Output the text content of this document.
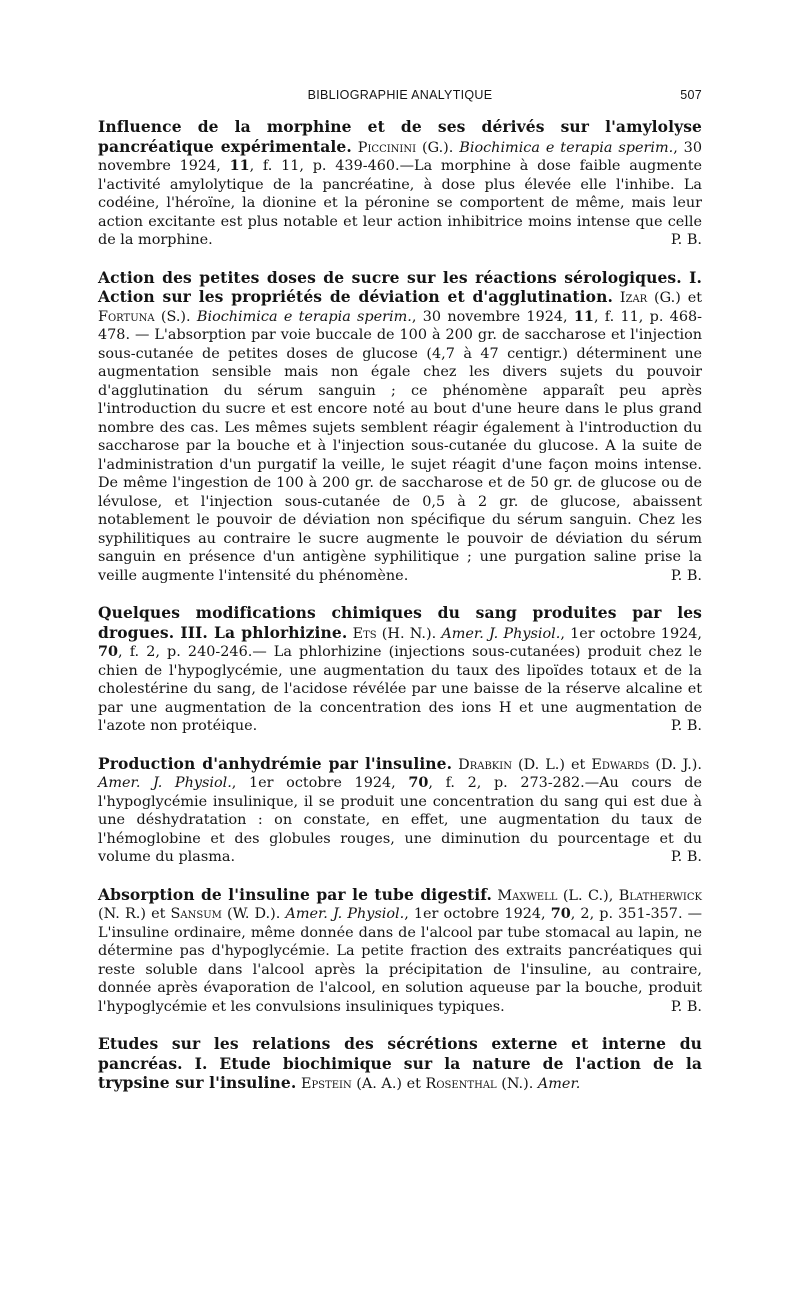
BIBLIOGRAPHIE ANALYTIQUE	507

Influence de la morphine et de ses dérivés sur l'amylolyse pancréatique expérimentale. Piccinini (G.). Biochimica e terapia sperim., 30 novembre 1924, 11, f. 11, p. 439-460.—La morphine à dose faible augmente l'activité amylolytique de la pancréatine, à dose plus élevée elle l'inhibe. La codéine, l'héroïne, la dionine et la péronine se comportent de même, mais leur action excitante est plus notable et leur action inhibitrice moins intense que celle de la morphine.	P. B.

Action des petites doses de sucre sur les réactions sérologiques. I. Action sur les propriétés de déviation et d'agglutination. Izar (G.) et Fortuna (S.). Biochimica e terapia sperim., 30 novembre 1924, 11, f. 11, p. 468-478. — L'absorption par voie buccale de 100 à 200 gr. de saccharose et l'injection sous-cutanée de petites doses de glucose (4,7 à 47 centigr.) déterminent une augmentation sensible mais non égale chez les divers sujets du pouvoir d'agglutination du sérum sanguin ; ce phénomène apparaît peu après l'introduction du sucre et est encore noté au bout d'une heure dans le plus grand nombre des cas. Les mêmes sujets semblent réagir également à l'introduction du saccharose par la bouche et à l'injection sous-cutanée du glucose. A la suite de l'administration d'un purgatif la veille, le sujet réagit d'une façon moins intense. De même l'ingestion de 100 à 200 gr. de saccharose et de 50 gr. de glucose ou de lévulose, et l'injection sous-cutanée de 0,5 à 2 gr. de glucose, abaissent notablement le pouvoir de déviation non spécifique du sérum sanguin. Chez les syphilitiques au contraire le sucre augmente le pouvoir de déviation du sérum sanguin en présence d'un antigène syphilitique ; une purgation saline prise la veille augmente l'intensité du phénomène.	P. B.

Quelques modifications chimiques du sang produites par les drogues. III. La phlorhizine. Ets (H. N.). Amer. J. Physiol., 1er octobre 1924, 70, f. 2, p. 240-246.— La phlorhizine (injections sous-cutanées) produit chez le chien de l'hypoglycémie, une augmentation du taux des lipoïdes totaux et de la cholestérine du sang, de l'acidose révélée par une baisse de la réserve alcaline et par une augmentation de la concentration des ions H et une augmentation de l'azote non protéique.	P. B.

Production d'anhydrémie par l'insuline. Drabkin (D. L.) et Edwards (D. J.). Amer. J. Physiol., 1er octobre 1924, 70, f. 2, p. 273-282.—Au cours de l'hypoglycémie insulinique, il se produit une concentration du sang qui est due à une déshydratation : on constate, en effet, une augmentation du taux de l'hémoglobine et des globules rouges, une diminution du pourcentage et du volume du plasma.	P. B.

Absorption de l'insuline par le tube digestif. Maxwell (L. C.), Blatherwick (N. R.) et Sansum (W. D.). Amer. J. Physiol., 1er octobre 1924, 70, 2, p. 351-357. — L'insuline ordinaire, même donnée dans de l'alcool par tube stomacal au lapin, ne détermine pas d'hypoglycémie. La petite fraction des extraits pancréatiques qui reste soluble dans l'alcool après la précipitation de l'insuline, au contraire, donnée après évaporation de l'alcool, en solution aqueuse par la bouche, produit l'hypoglycémie et les convulsions insuliniques typiques.	P. B.

Etudes sur les relations des sécrétions externe et interne du pancréas. I. Etude biochimique sur la nature de l'action de la trypsine sur l'insuline. Epstein (A. A.) et Rosenthal (N.). Amer.
